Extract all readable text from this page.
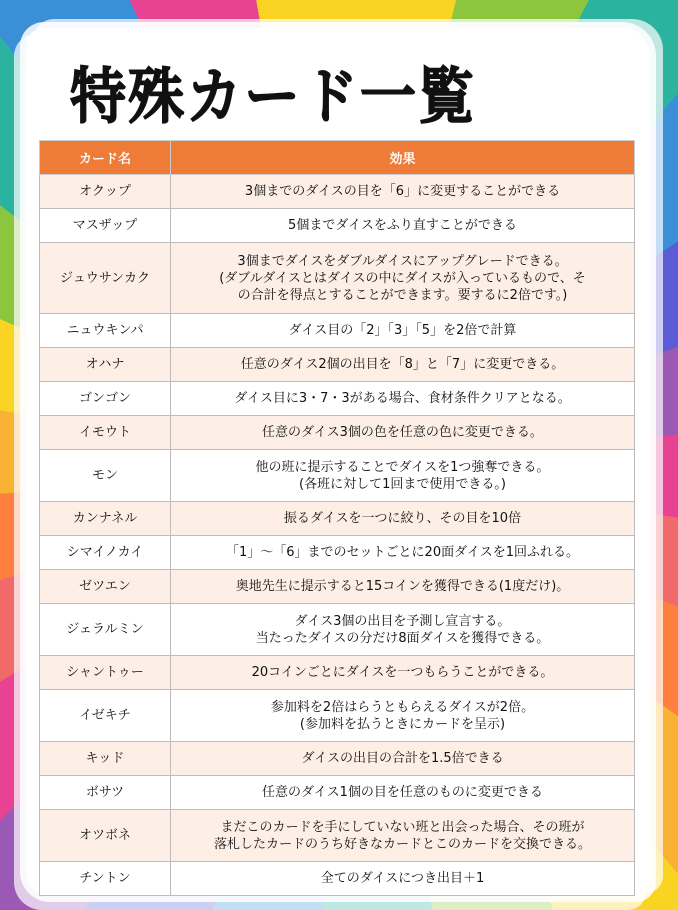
特殊カード一覧
カード名	効果
オクップ	3個までのダイスの目を「6」に変更することができる

マスザップ	5個までダイスをふり直すことができる

ジュウサンカク	3個までダイスをダブルダイスにアップグレードできる。
(ダブルダイスとはダイスの中にダイスが入っているもので、そ
の合計を得点とすることができます。要するに2倍です。)

ニュウキンパ	ダイス目の「2」「3」「5」を2倍で計算

オハナ	任意のダイス2個の出目を「8」と「7」に変更できる。

ゴンゴン	ダイス目に3・7・3がある場合、食材条件クリアとなる。

イモウト	任意のダイス3個の色を任意の色に変更できる。

モン	他の班に提示することでダイスを1つ強奪できる。
(各班に対して1回まで使用できる。)

カンナネル	振るダイスを一つに絞り、その目を10倍

シマイノカイ	「1」～「6」までのセットごとに20面ダイスを1回ふれる。

ゼツエン	奥地先生に提示すると15コインを獲得できる(1度だけ)。

ジェラルミン	ダイス3個の出目を予測し宣言する。
当たったダイスの分だけ8面ダイスを獲得できる。

シャントゥー	20コインごとにダイスを一つもらうことができる。

イゼキチ	参加料を2倍はらうともらえるダイスが2倍。
(参加料を払うときにカードを呈示)

キッド	ダイスの出目の合計を1.5倍できる

ボサツ	任意のダイス1個の目を任意のものに変更できる

オツボネ	まだこのカードを手にしていない班と出会った場合、その班が
落札したカードのうち好きなカードとこのカードを交換できる。

チントン	全てのダイスにつき出目＋1
